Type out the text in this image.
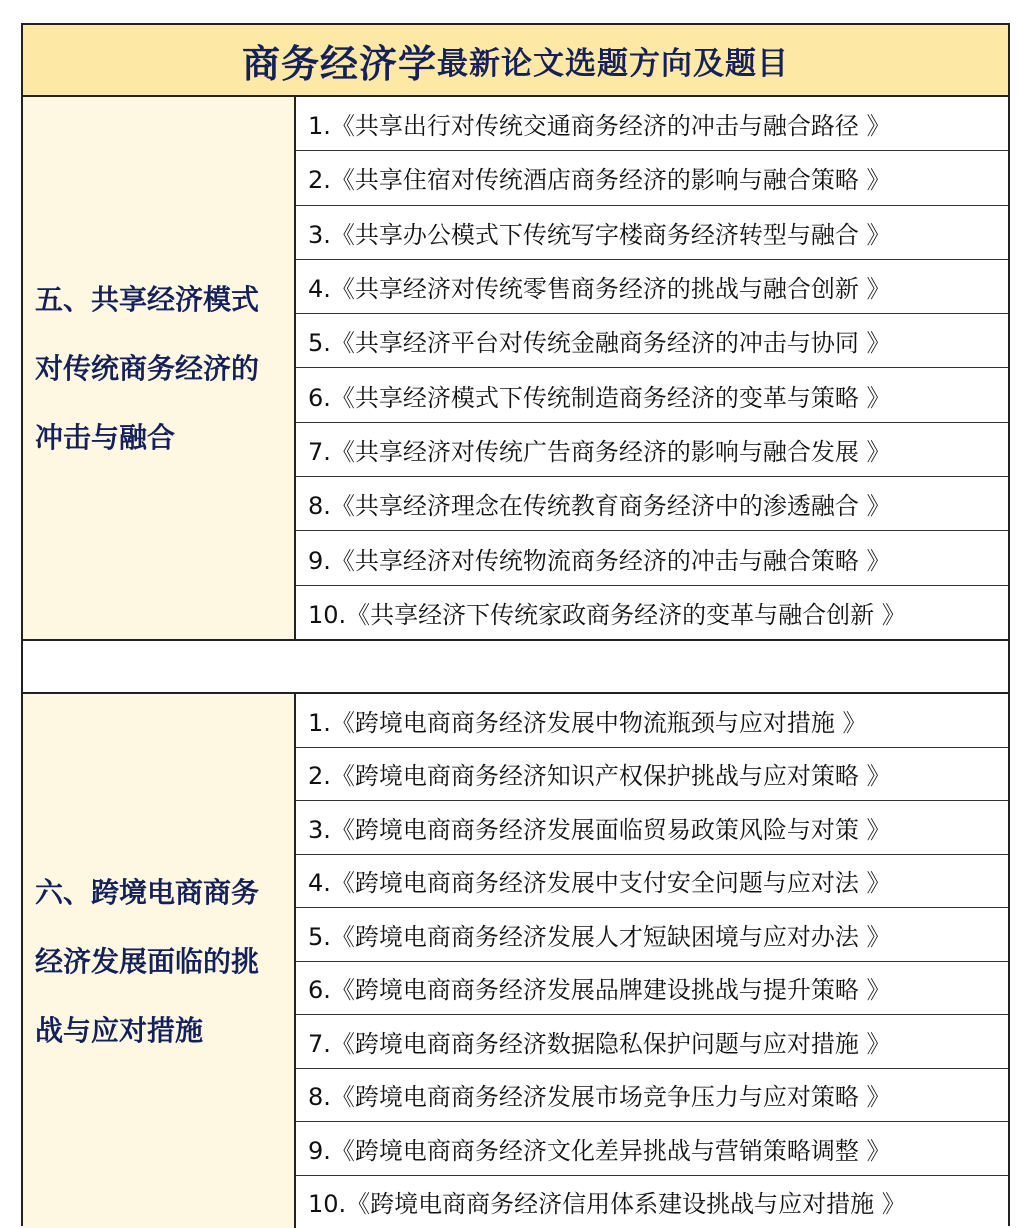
商务经济学 最新论文选题方向及题目
五、共享经济模式对传统商务经济的冲击与融合
1.《共享出行对传统交通商务经济的冲击与融合路径 》
2.《共享住宿对传统酒店商务经济的影响与融合策略 》
3.《共享办公模式下传统写字楼商务经济转型与融合 》
4.《共享经济对传统零售商务经济的挑战与融合创新 》
5.《共享经济平台对传统金融商务经济的冲击与协同 》
6.《共享经济模式下传统制造商务经济的变革与策略 》
7.《共享经济对传统广告商务经济的影响与融合发展 》
8.《共享经济理念在传统教育商务经济中的渗透融合 》
9.《共享经济对传统物流商务经济的冲击与融合策略 》
10.《共享经济下传统家政商务经济的变革与融合创新 》
六、跨境电商商务经济发展面临的挑战与应对措施
1.《跨境电商商务经济发展中物流瓶颈与应对措施 》
2.《跨境电商商务经济知识产权保护挑战与应对策略 》
3.《跨境电商商务经济发展面临贸易政策风险与对策 》
4.《跨境电商商务经济发展中支付安全问题与应对法 》
5.《跨境电商商务经济发展人才短缺困境与应对办法 》
6.《跨境电商商务经济发展品牌建设挑战与提升策略 》
7.《跨境电商商务经济数据隐私保护问题与应对措施 》
8.《跨境电商商务经济发展市场竞争压力与应对策略 》
9.《跨境电商商务经济文化差异挑战与营销策略调整 》
10.《跨境电商商务经济信用体系建设挑战与应对措施 》
